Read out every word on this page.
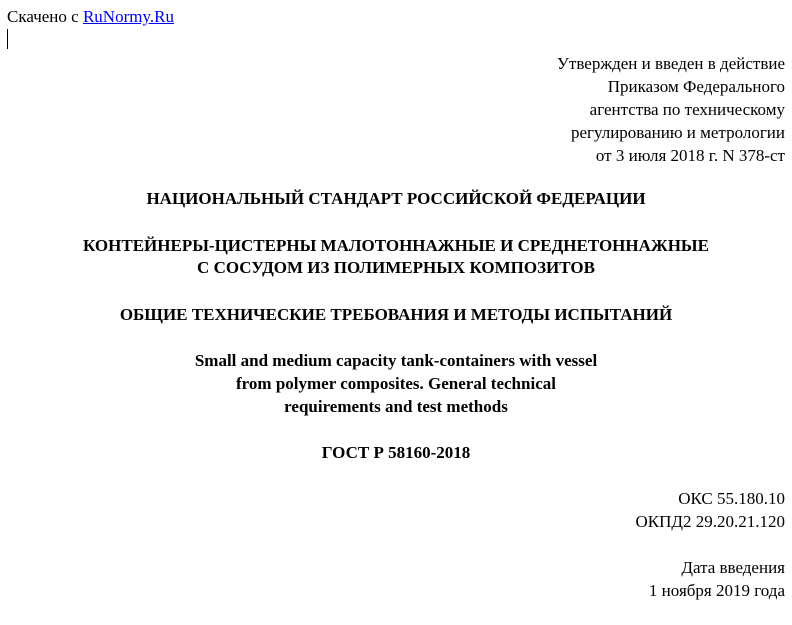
Скачено с RuNormy.Ru
Утвержден и введен в действие
Приказом Федерального
агентства по техническому
регулированию и метрологии
от 3 июля 2018 г. N 378-ст
НАЦИОНАЛЬНЫЙ СТАНДАРТ РОССИЙСКОЙ ФЕДЕРАЦИИ
КОНТЕЙНЕРЫ-ЦИСТЕРНЫ МАЛОТОННАЖНЫЕ И СРЕДНЕТОННАЖНЫЕ
С СОСУДОМ ИЗ ПОЛИМЕРНЫХ КОМПОЗИТОВ
ОБЩИЕ ТЕХНИЧЕСКИЕ ТРЕБОВАНИЯ И МЕТОДЫ ИСПЫТАНИЙ
Small and medium capacity tank-containers with vessel
from polymer composites. General technical
requirements and test methods
ГОСТ Р 58160-2018
ОКС 55.180.10
ОКПД2 29.20.21.120
Дата введения
1 ноября 2019 года
